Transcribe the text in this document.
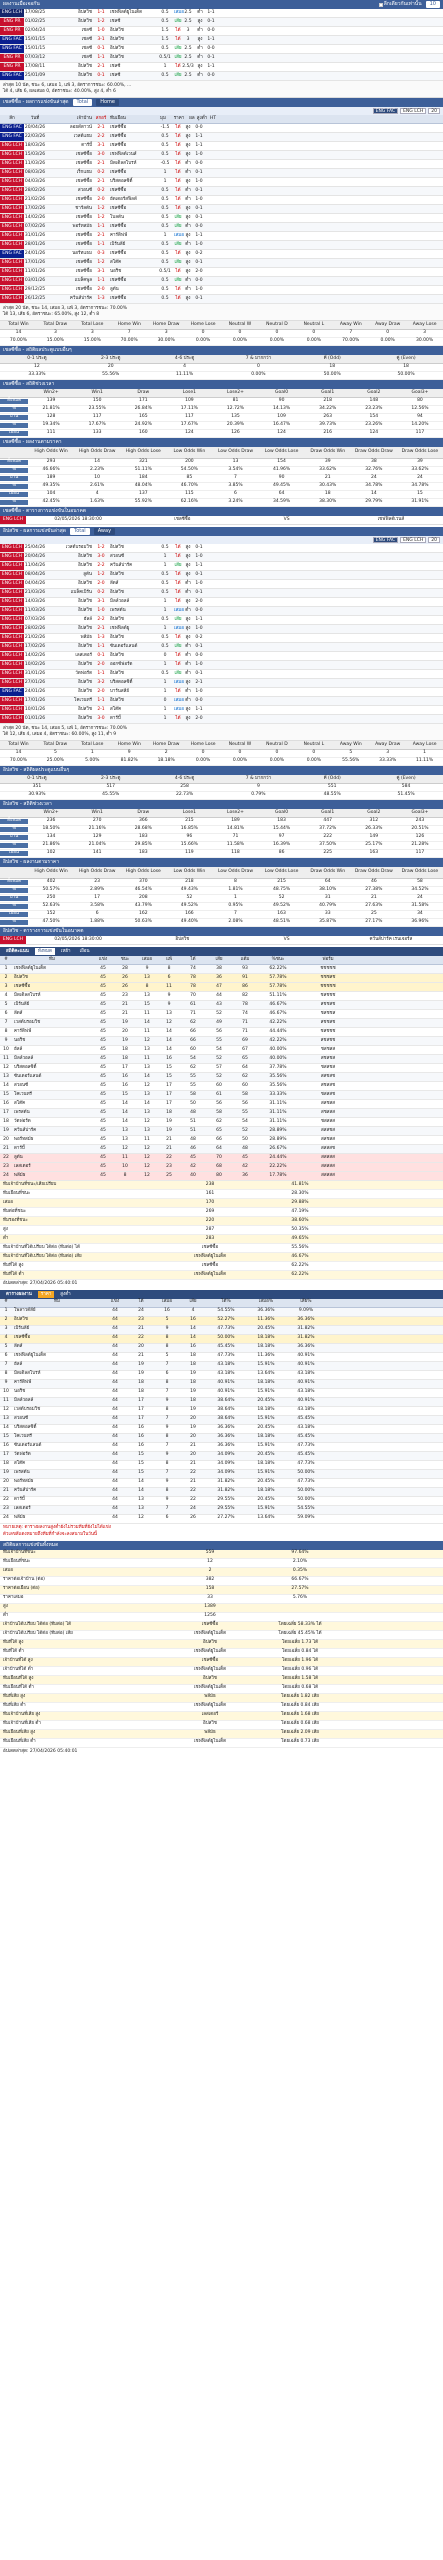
ผลงานเมื่อเจอกัน	ลีกเดียวกันเท่านั้น	10
ENG LCH 17/08/25	อิปสวิช	1-1	เชฟฟิลด์ยูไนเต็ด	0.5	เสมอ 2.5	ต่ำ	1-1
ENG PR 01/02/25	อิปสวิช	1-2	เชลซี	0.5	เสีย 2.5	สูง	0-1
ENG PR 02/04/24	เชลซี	1-0	อิปสวิช	1.5	ได้	3	ต่ำ	0-0
ENG FAC 15/01/15	เชลซี	3-1	อิปสวิช	1.5	ได้	3	สูง	1-1
ENG FAC 15/01/15	เชลซี	0-1	อิปสวิช	0.5	เสีย 2.5	ต่ำ	0-0
ENG PR 07/03/12	เชลซี	1-1	อิปสวิช	0.5/1 เสีย 2.5	ต่ำ	0-1
ENG PR 17/08/11	อิปสวิช	2-1	เชลซี	1	ได้ 2.5/3 สูง	1-1
ENG FAC 25/01/09	อิปสวิช	0-1	เชลซี	0.5	เสีย 2.5	ต่ำ	0-0
ล่าสุด 10 นัด, ชนะ 6, เสมอ 1, แพ้ 3, อัตราการชนะ: 60.00%, ...
ได้ 4, เสีย 6, ผลเสมอ 0, อัตราชนะ: 40.00%, สูง 4, ต่ำ 6
เชลซีซื้อ - ผลการแข่งขันล่าสุด	Total	Home
ENG FAC	ENG LCH	20
ลีก	วันที่	เจ้าบ้าน สกอร์ ทีมเยือน	มุม	ราคา	ผล สูงต่ำ HT
ENG FAC 20/04/26	ลอยด์ตาวน์	2-1	เชลซีซื้อ	-1.5	ได้	สูง	0-0
ENG FAC 22/03/26	เวสต์แฮม	2-2	เชลซีซื้อ	0.5	ได้	สูง	1-1
ENG LCH 18/03/26	ดาร์บี้	3-1	เชลซีซื้อ	0.5	ได้	สูง	1-1
ENG LCH 15/03/26	เชลซีซื้อ	3-0	เชฟฟิลด์เวนส์	0.5	ได้	สูง	1-0
ENG LCH 11/03/26	เชลซีซื้อ	2-1	มิดเดิลสโบรห์	-0.5	ได้	ต่ำ	0-0
ENG LCH 08/03/26	เร็กแฮม	0-2	เชลซีซื้อ	1	ได้	ต่ำ	0-1
ENG LCH 04/03/26	เชลซีซื้อ	2-1	บริสตอลซิตี้	1	ได้	สูง	1-0
ENG LCH 28/02/26	สวอนซี	0-2	เชลซีซื้อ	0.5	ได้	ต่ำ	0-1
ENG LCH 21/02/26	เชลซีซื้อ	2-0	ฮัดเดอร์สฟิลด์	0.5	ได้	ต่ำ	1-0
ENG LCH 17/02/26	ชาร์ลตัน	1-2	เชลซีซื้อ	0.5	ได้	สูง	0-1
ENG LCH 14/02/26	เชลซีซื้อ	1-2	โบลตัน	0.5	เสีย สูง	0-1
ENG LCH 07/02/26	พอร์ทสมัธ	1-1	เชลซีซื้อ	0.5	เสีย ต่ำ	0-0
ENG LCH 31/01/26	เชลซีซื้อ	2-1	คาร์ดิฟฟ์	1	เสมอ สูง	1-1
ENG LCH 28/01/26	เชลซีซื้อ	1-1	เบิร์นลีย์	0.5	เสีย ต่ำ	1-0
ENG FAC 24/01/26	นอร์ทแธม	0-3	เชลซีซื้อ	0.5	ได้	สูง	0-2
ENG LCH 17/01/26	เชลซีซื้อ	1-2	สโต๊ค	0.5	เสีย สูง	0-1
ENG LCH 11/01/26	เชลซีซื้อ	3-1	นอริช	0.5/1	ได้	สูง	2-0
ENG LCH 03/01/26	แบล็คพูล	1-1	เชลซีซื้อ	0.5	เสีย ต่ำ	0-0
ENG LCH 29/12/25	เชลซีซื้อ	2-0	ลูตัน	0.5	ได้	ต่ำ	1-0
ENG LCH 26/12/25	ควีนส์ปาร์ค	1-3	เชลซีซื้อ	0.5	ได้	สูง	0-1
ล่าสุด 20 นัด, ชนะ 14, เสมอ 3, แพ้ 3, อัตราการชนะ: 70.00%
ได้ 13, เสีย 6, อัตราชนะ: 65.00%, สูง 12, ต่ำ 8
Total Win	Total Draw	Total Lose	Home Win	Home Draw	Home Lose	Neutral W	Neutral D	Neutral L	Away Win	Away Draw	Away Lose
14	3	3	7	3	0	0	0	0	7	0	3
70.00%	15.00%	15.00%	70.00%	30.00%	0.00%	0.00%	0.00%	0.00%	70.00%	0.00%	30.00%
เชลซีซื้อ - สถิติผลประตูแบบอื่นๆ
0-1 ประตู	2-3 ประตู	4-6 ประตู	7 & มากกว่า	คี่ (Odd)	คู่ (Even)
12	20	4	0	18	18
33.33%	55.56%	11.11%	0.00%	50.00%	50.00%
เชลซีซื้อ - สถิติช่วงเวลา
Win2+	Win1	Draw	Lose1	Lose2+	Goal0	Goal1	Goal2	Goal3+
ทั้งหมด	139	150	171	109	81	90	218	148	80
%	21.81%	23.55%	26.84%	17.11%	12.72%	14.13%	34.22%	23.23%	12.56%
บ้าน	128	117	165	117	135	109	263	154	94
%	19.34%	17.67%	24.92%	17.67%	20.39%	16.47%	39.73%	23.26%	14.20%
เยือน	111	133	160	124	126	124	216	124	117
เชลซีซื้อ - ผลงานตามราคา
High Odds Win	High Odds Draw	High Odds Lose	Low Odds Win	Low Odds Draw	Low Odds Lose	Draw Odds Win	Draw Odds Draw	Draw Odds Lose
ทั้งหมด	293	14	321	200	13	154	39	38	39
%	46.66%	2.23%	51.11%	54.50%	3.54%	41.96%	33.62%	32.76%	33.62%
บ้าน	189	10	184	85	7	90	21	24	24
%	49.35%	2.61%	48.04%	46.70%	3.85%	49.45%	30.43%	34.78%	34.78%
เยือน	104	4	137	115	6	64	18	14	15
%	42.45%	1.63%	55.92%	62.16%	3.24%	34.59%	38.30%	29.79%	31.91%
เชลซีซื้อ - ตารางการแข่งขันในอนาคต
ENG LCH	02/05/2026 18:30:00	เชลซีซื้อ	VS	เชฟฟิลด์เวนส์
อิปสวิช - ผลการแข่งขันล่าสุด	Total	Away
ENG FAC	ENG LCH	20
ENG LCH 25/04/26	เวสต์บรอมวิช	1-2	อิปสวิช	0.5	ได้	สูง	0-1
ENG LCH 20/04/26	อิปสวิช	3-0	สวอนซี	1	ได้	สูง	1-0
ENG LCH 11/04/26	อิปสวิช	2-2	ควีนส์ปาร์ค	1	เสีย สูง	1-1
ENG LCH 08/04/26	ลูตัน	1-2	อิปสวิช	0.5	ได้	สูง	0-1
ENG LCH 04/04/26	อิปสวิช	2-0	ลีดส์	0.5	ได้	ต่ำ	1-0
ENG LCH 21/03/26	แบล็คเบิร์น	0-2	อิปสวิช	0.5	ได้	ต่ำ	0-1
ENG LCH 14/03/26	อิปสวิช	3-1	มิลล์วอลล์	1	ได้	สูง	2-0
ENG LCH 11/03/26	อิปสวิช	1-0	เพรสตัน	1	เสมอ ต่ำ	0-0
ENG LCH 07/03/26	ฮัลล์	2-2	อิปสวิช	0.5	เสีย สูง	1-1
ENG LCH 28/02/26	อิปสวิช	2-1	เชฟฟิลด์ยู	1	เสมอ สูง	1-0
ENG LCH 21/02/26	พลีมัธ	1-3	อิปสวิช	0.5	ได้	สูง	0-2
ENG LCH 17/02/26	อิปสวิช	1-1	ซันเดอร์แลนด์	0.5	เสีย ต่ำ	0-1
ENG LCH 14/02/26	เลสเตอร์	0-1	อิปสวิช	0	ได้	ต่ำ	0-0
ENG LCH 10/02/26	อิปสวิช	2-0	ออกซ์ฟอร์ด	1	ได้	ต่ำ	1-0
ENG LCH 31/01/26	วัตฟอร์ด	1-1	อิปสวิช	0.5	เสีย ต่ำ	0-1
ENG LCH 27/01/26	อิปสวิช	3-2	บริสตอลซิตี้	1	เสมอ สูง	2-1
ENG FAC 24/01/26	อิปสวิช	2-0	บาร์นสลีย์	1	ได้	ต่ำ	1-0
ENG LCH 17/01/26	โคเวนทรี	1-1	อิปสวิช	0	เสมอ ต่ำ	0-0
ENG LCH 10/01/26	อิปสวิช	2-1	สโต๊ค	1	เสมอ สูง	1-1
ENG LCH 01/01/26	อิปสวิช	3-0	ดาร์บี้	1	ได้	สูง	2-0
ล่าสุด 20 นัด, ชนะ 14, เสมอ 5, แพ้ 1, อัตราการชนะ: 70.00%
ได้ 12, เสีย 4, เสมอ 4, อัตราชนะ: 60.00%, สูง 11, ต่ำ 9
Total Win	Total Draw	Total Lose	Home Win	Home Draw	Home Lose	Neutral W	Neutral D	Neutral L	Away Win	Away Draw	Away Lose
14	5	1	9	2	0	0	0	0	5	3	1
70.00%	25.00%	5.00%	81.82%	18.18%	0.00%	0.00%	0.00%	0.00%	55.56%	33.33%	11.11%
อิปสวิช - สถิติผลประตูแบบอื่นๆ
0-1 ประตู	2-3 ประตู	4-6 ประตู	7 & มากกว่า	คี่ (Odd)	คู่ (Even)
351	517	258	9	551	584
30.93%	45.55%	22.73%	0.79%	48.55%	51.45%
อิปสวิช - สถิติช่วงเวลา
Win2+	Win1	Draw	Lose1	Lose2+	Goal0	Goal1	Goal2	Goal3+
ทั้งหมด	236	270	366	215	189	183	447	312	243
%	18.50%	21.16%	28.68%	16.85%	14.81%	15.44%	37.72%	26.33%	20.51%
บ้าน	134	129	183	96	71	97	222	149	126
%	21.86%	21.04%	29.85%	15.66%	11.58%	16.39%	37.50%	25.17%	21.28%
เยือน	102	141	183	119	118	86	225	163	117
อิปสวิช - ผลงานตามราคา
High Odds Win	High Odds Draw	High Odds Lose	Low Odds Win	Low Odds Draw	Low Odds Lose	Draw Odds Win	Draw Odds Draw	Draw Odds Lose
ทั้งหมด	402	23	370	218	8	215	64	46	58
%	50.57%	2.89%	46.54%	49.43%	1.81%	48.75%	38.10%	27.38%	34.52%
บ้าน	250	17	208	52	1	52	31	21	24
%	52.63%	3.58%	43.79%	49.52%	0.95%	49.52%	40.79%	27.63%	31.58%
เยือน	152	6	162	166	7	163	33	25	34
%	47.50%	1.88%	50.63%	49.40%	2.08%	48.51%	35.87%	27.17%	36.96%
อิปสวิช - ตารางการแข่งขันในอนาคต
ENG LCH	02/05/2026 18:30:00	อิปสวิช	VS	ควีนส์ปาร์ค เรนเจอร์ส
สถิติคะแนน	ทั้งหมด	เหย้า	เยือน
#	ทีม	แข่ง	ชนะ	เสมอ	แพ้	ได้	เสีย	แต้ม	%ชนะ	ฟอร์ม
1	เชฟฟิลด์ยูไนเต็ด	45	28	9	8	74	38	93	62.22%	ชชชชช
2	อิปสวิช	45	26	13	6	78	36	91	57.78%	ชชชสช
3	เชลซีซื้อ	45	26	8	11	78	47	86	57.78%	ชชชชช
4	มิดเดิลสโบรห์	45	23	13	9	70	44	82	51.11%	ชสชชช
5	เบิร์นลีย์	45	21	15	9	61	43	78	46.67%	สชชสช
6	ลีดส์	45	21	11	13	71	52	74	46.67%	ชสชชส
7	เวสต์บรอมวิช	45	19	14	12	62	49	71	42.22%	สชชสช
8	คาร์ดิฟฟ์	45	20	11	14	66	56	71	44.44%	ชสชชช
9	นอริช	45	19	12	14	66	55	69	42.22%	สชสชช
10	ฮัลล์	45	18	13	14	60	54	67	40.00%	ชสชสส
11	มิลล์วอลล์	45	18	11	16	54	52	65	40.00%	สชสชส
12	บริสตอลซิตี้	45	17	13	15	62	57	64	37.78%	ชสสชส
13	ซันเดอร์แลนด์	45	16	14	15	55	52	62	35.56%	สสชสช
14	สวอนซี	45	16	12	17	55	60	60	35.56%	สชสสช
15	โคเวนทรี	45	15	13	17	58	61	58	33.33%	ชสสสช
16	สโต๊ค	45	14	14	17	50	56	56	31.11%	สสชสส
17	เพรสตัน	45	14	13	18	48	58	55	31.11%	สชสสส
18	วัตฟอร์ด	45	14	12	19	51	62	54	31.11%	ชสสสส
19	ควีนส์ปาร์ค	45	13	13	19	51	65	52	28.89%	สสสชส
20	พอร์ทสมัธ	45	13	11	21	48	66	50	28.89%	สสชสส
21	ดาร์บี้	45	12	12	21	46	64	48	26.67%	สสสสช
22	ลูตัน	45	11	12	22	45	70	45	24.44%	สสสสส
23	เลสเตอร์	45	10	12	23	42	68	42	22.22%	สสสสส
24	พลีมัธ	45	8	12	25	40	80	36	17.78%	สสสสส
ทีมเจ้าบ้านที่ชนะ/เสียเปรียบ	238	41.81%
ทีมเยือนที่ชนะ	161	28.30%
เสมอ	170	29.88%
ทีมต่อที่ชนะ	269	47.19%
ทีมรองที่ชนะ	220	38.60%
สูง	287	50.35%
ต่ำ	283	49.65%
ทีมเจ้าบ้านที่ได้เปรียบ ได้ต่อ (ทีมต่อ) ได้	เชลซีซื้อ	55.56%
ทีมเจ้าบ้านที่ได้เปรียบ ได้ต่อ (ทีมต่อ) เสีย	เชฟฟิลด์ยูไนเต็ด	46.67%
ทีมที่ได้ สูง	เชลซีซื้อ	62.22%
ทีมที่ได้ ต่ำ	เชฟฟิลด์ยูไนเต็ด	62.22%
อัปเดตล่าสุด: 27/04/2026 05:40:01
ตารางผลงาน	ราคา	สูงต่ำ
#	ทีม	แข่ง	ได้	เสมอ	เสีย	ได้%	เสมอ%	เสีย%
1	โพลาวด์ลีย์	44	24	16	4	54.55%	36.36%	9.09%
2	อิปสวิช	44	23	5	16	52.27%	11.36%	36.36%
3	เบิร์นลีย์	44	21	9	14	47.73%	20.45%	31.82%
4	เชลซีซื้อ	44	22	8	14	50.00%	18.18%	31.82%
5	ลีดส์	44	20	8	16	45.45%	18.18%	36.36%
6	เชฟฟิลด์ยูไนเต็ด	44	21	5	18	47.73%	11.36%	40.91%
7	ฮัลล์	44	19	7	18	43.18%	15.91%	40.91%
8	มิดเดิลสโบรห์	44	19	6	19	43.18%	13.64%	43.18%
9	คาร์ดิฟฟ์	44	18	8	18	40.91%	18.18%	40.91%
10	นอริช	44	18	7	19	40.91%	15.91%	43.18%
11	มิลล์วอลล์	44	17	9	18	38.64%	20.45%	40.91%
12	เวสต์บรอมวิช	44	17	8	19	38.64%	18.18%	43.18%
13	สวอนซี	44	17	7	20	38.64%	15.91%	45.45%
14	บริสตอลซิตี้	44	16	9	19	36.36%	20.45%	43.18%
15	โคเวนทรี	44	16	8	20	36.36%	18.18%	45.45%
16	ซันเดอร์แลนด์	44	16	7	21	36.36%	15.91%	47.73%
17	วัตฟอร์ด	44	15	9	20	34.09%	20.45%	45.45%
18	สโต๊ค	44	15	8	21	34.09%	18.18%	47.73%
19	เพรสตัน	44	15	7	22	34.09%	15.91%	50.00%
20	พอร์ทสมัธ	44	14	9	21	31.82%	20.45%	47.73%
21	ควีนส์ปาร์ค	44	14	8	22	31.82%	18.18%	50.00%
22	ดาร์บี้	44	13	9	22	29.55%	20.45%	50.00%
23	เลสเตอร์	44	13	7	24	29.55%	15.91%	54.55%
24	พลีมัธ	44	12	6	26	27.27%	13.64%	59.09%
หมายเหตุ: ตารางผลงานสูงต่ำยังไม่รวมทีมที่ยังไม่ได้แข่ง
ตัวเลขสีแดงหมายถึงทีมที่กำลังจะลงสนามในวันนี้
สถิติผลการแข่งขันทั้งหมด
ทีมเจ้าบ้านที่ชนะ	559	97.64%
ทีมเยือนที่ชนะ	12	2.10%
เสมอ	2	0.35%
ราคาต่อเจ้าบ้าน (ต่อ)	382	66.67%
ราคาต่อเยือน (ต่อ)	158	27.57%
ราคาเสมอ	33	5.76%
สูง	1389
ต่ำ	1256
เจ้าบ้านได้เปรียบ ได้ต่อ (ทีมต่อ) ได้	เชลซีซื้อ	โดยเฉลี่ย 58.33% ได้
เจ้าบ้านได้เปรียบ ได้ต่อ (ทีมต่อ) เสีย	เชฟฟิลด์ยูไนเต็ด	โดยเฉลี่ย 45.45% ได้
ทีมที่ได้ สูง	อิปสวิช	โดยเฉลี่ย 1.73 ได้
ทีมที่ได้ ต่ำ	เชฟฟิลด์ยูไนเต็ด	โดยเฉลี่ย 0.84 ได้
เจ้าบ้านที่ได้ สูง	เชลซีซื้อ	โดยเฉลี่ย 1.96 ได้
เจ้าบ้านที่ได้ ต่ำ	เชฟฟิลด์ยูไนเต็ด	โดยเฉลี่ย 0.96 ได้
ทีมเยือนที่ได้ สูง	อิปสวิช	โดยเฉลี่ย 1.58 ได้
ทีมเยือนที่ได้ ต่ำ	เชฟฟิลด์ยูไนเต็ด	โดยเฉลี่ย 0.68 ได้
ทีมที่เสีย สูง	พลีมัธ	โดยเฉลี่ย 1.82 เสีย
ทีมที่เสีย ต่ำ	เชฟฟิลด์ยูไนเต็ด	โดยเฉลี่ย 0.84 เสีย
ทีมเจ้าบ้านที่เสีย สูง	เลสเตอร์	โดยเฉลี่ย 1.68 เสีย
ทีมเจ้าบ้านที่เสีย ต่ำ	อิปสวิช	โดยเฉลี่ย 0.68 เสีย
ทีมเยือนที่เสีย สูง	พลีมัธ	โดยเฉลี่ย 2.09 เสีย
ทีมเยือนที่เสีย ต่ำ	เชฟฟิลด์ยูไนเต็ด	โดยเฉลี่ย 0.73 เสีย
อัปเดตล่าสุด: 27/04/2026 05:40:01
